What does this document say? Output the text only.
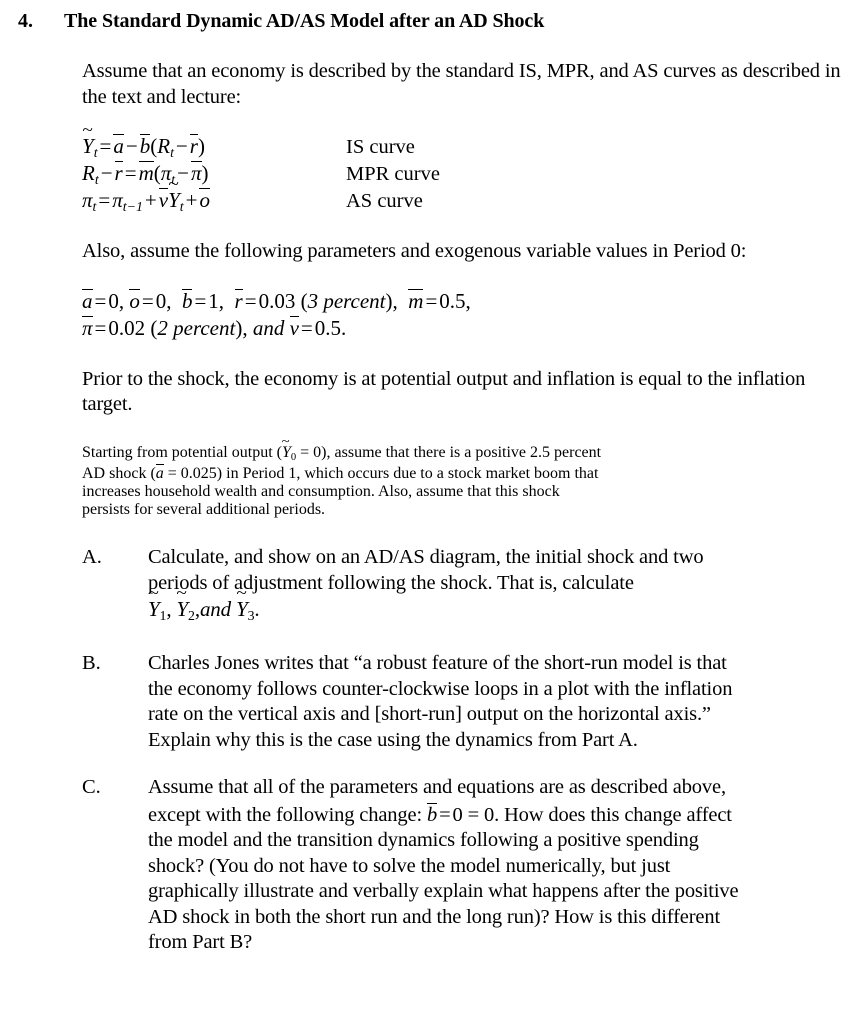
4.	The Standard Dynamic AD/AS Model after an AD Shock

Assume that an economy is described by the standard IS, MPR, and AS curves as described in the text and lecture:

~ $Y_t=a-b(R_t-r)$	IS curve
$R_t-r=m(\pi_t-\pi)$	MPR curve
$\pi_t=\pi_{t-1}+v\sim$ $Y_t+o$	AS curve

Also, assume the following parameters and exogenous variable values in Period 0:

a=0, o=0,  b=1,  r=0.03 (3 percent),  m=0.5,
π=0.02 (2 percent), and v=0.5.

Prior to the shock, the economy is at potential output and inflation is equal to the inflation target.

Starting from potential output (~ $Y_0 = 0$), assume that there is a positive 2.5 percent
AD shock (a = 0.025) in Period 1, which occurs due to a stock market boom that
increases household wealth and consumption. Also, assume that this shock
persists for several additional periods.
A.	Calculate, and show on an AD/AS diagram, the initial shock and two

periods of adjustment following the shock. That is, calculate

~ $Y_1$, ~ $Y_2,and$ ~ $Y_3$.
B.	Charles Jones writes that “a robust feature of the short-run model is that

the economy follows counter-clockwise loops in a plot with the inflation

rate on the vertical axis and [short-run] output on the horizontal axis.”

Explain why this is the case using the dynamics from Part A.

C.	Assume that all of the parameters and equations are as described above,

except with the following change: b=0 = 0. How does this change affect

the model and the transition dynamics following a positive spending

shock? (You do not have to solve the model numerically, but just

graphically illustrate and verbally explain what happens after the positive

AD shock in both the short run and the long run)? How is this different

from Part B?
